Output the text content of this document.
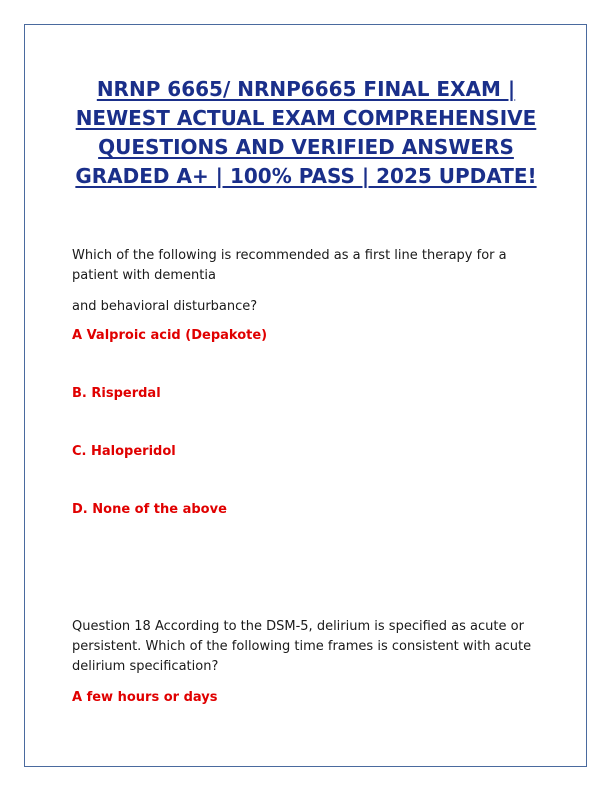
NRNP 6665/ NRNP6665 FINAL EXAM |
NEWEST ACTUAL EXAM COMPREHENSIVE
QUESTIONS AND VERIFIED ANSWERS
GRADED A+ | 100% PASS | 2025 UPDATE!

Which of the following is recommended as a first line therapy for a patient with dementia

and behavioral disturbance?

A Valproic acid (Depakote)

B. Risperdal

C. Haloperidol

D. None of the above

Question 18 According to the DSM-5, delirium is specified as acute or persistent. Which of the following time frames is consistent with acute delirium specification?

A few hours or days
